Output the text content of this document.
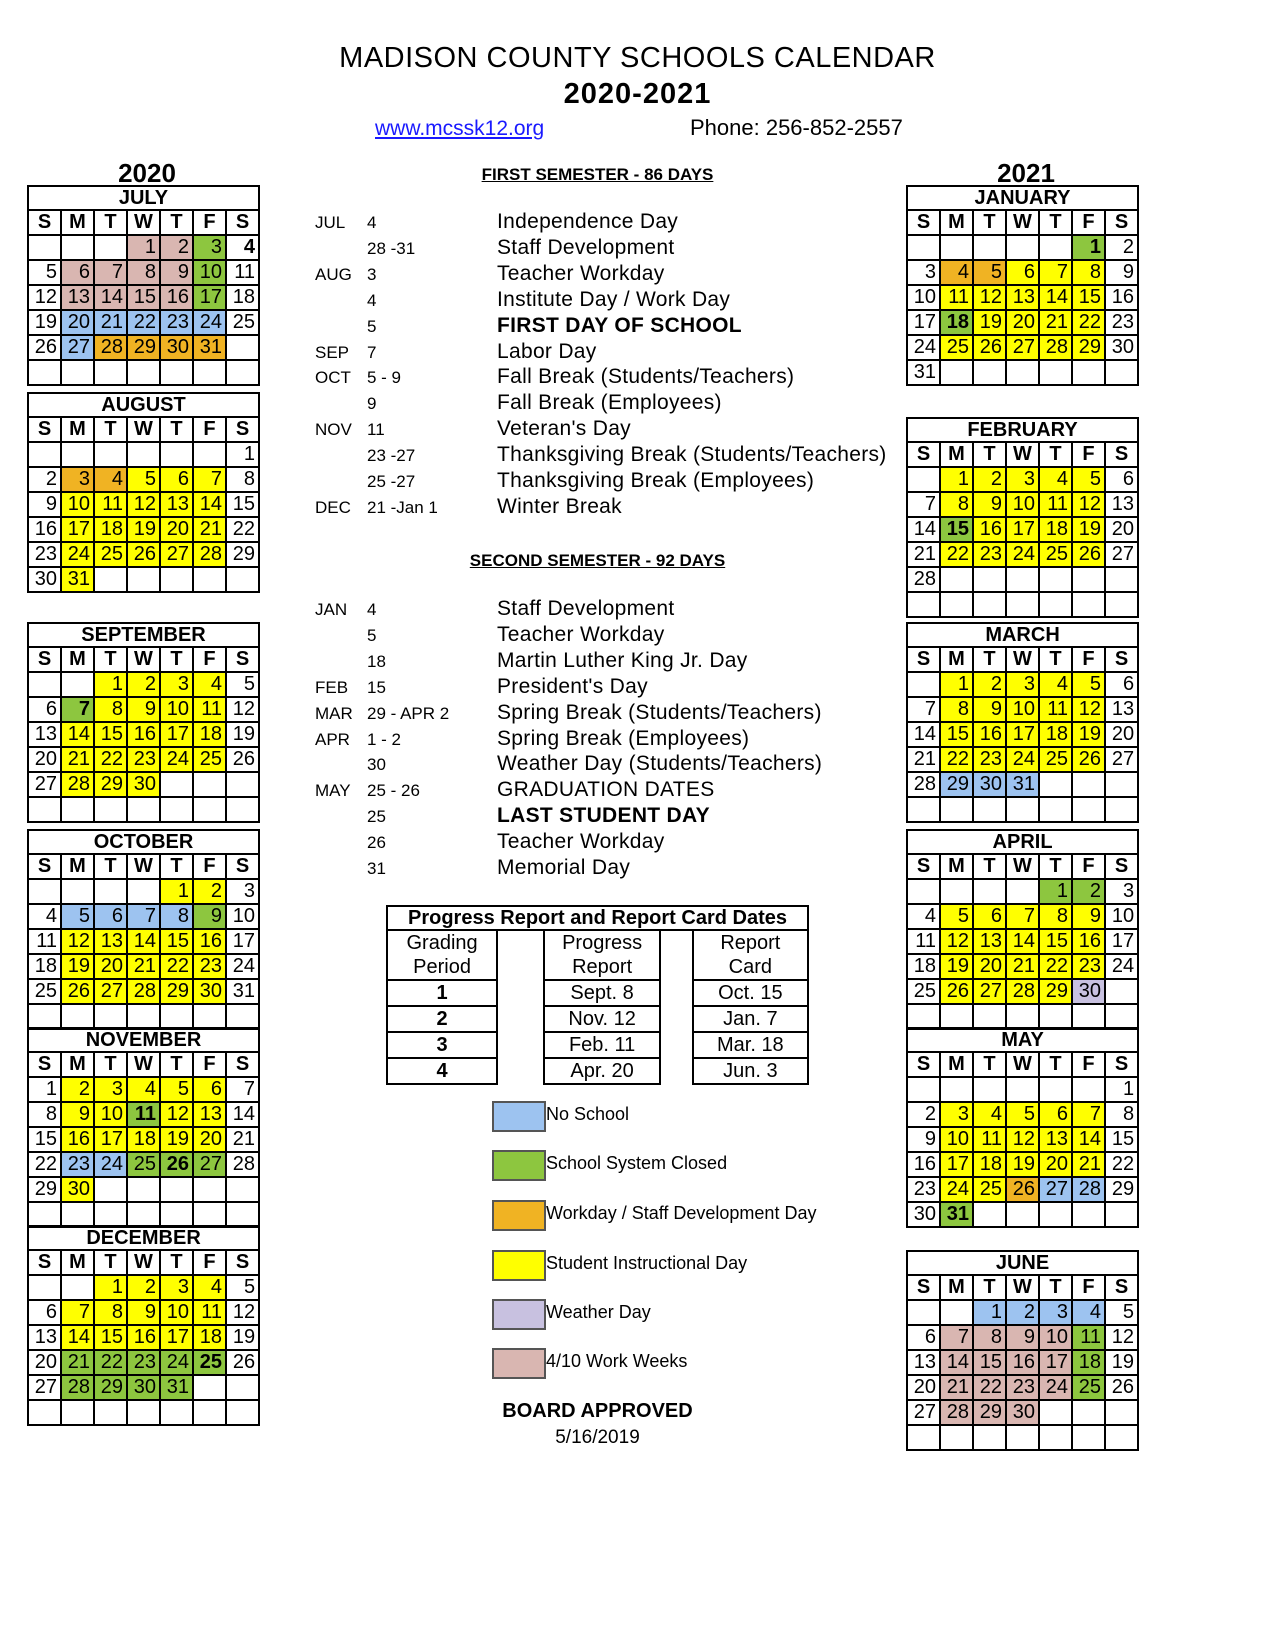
MADISON COUNTY SCHOOLS CALENDAR
2020-2021
www.mcssk12.org	Phone: 256-852-2557
2020	2021
JULY						
S	M	T	W	T	F	S
			1	2	3	4
5	6	7	8	9	10	11
12	13	14	15	16	17	18
19	20	21	22	23	24	25
26	27	28	29	30	31	

AUGUST						
S	M	T	W	T	F	S
						1
2	3	4	5	6	7	8
9	10	11	12	13	14	15
16	17	18	19	20	21	22
23	24	25	26	27	28	29
30	31					
SEPTEMBER						
S	M	T	W	T	F	S
		1	2	3	4	5
6	7	8	9	10	11	12
13	14	15	16	17	18	19
20	21	22	23	24	25	26
27	28	29	30			

OCTOBER						
S	M	T	W	T	F	S
				1	2	3
4	5	6	7	8	9	10
11	12	13	14	15	16	17
18	19	20	21	22	23	24
25	26	27	28	29	30	31

NOVEMBER						
S	M	T	W	T	F	S
1	2	3	4	5	6	7
8	9	10	11	12	13	14
15	16	17	18	19	20	21
22	23	24	25	26	27	28
29	30					

DECEMBER						
S	M	T	W	T	F	S
		1	2	3	4	5
6	7	8	9	10	11	12
13	14	15	16	17	18	19
20	21	22	23	24	25	26
27	28	29	30	31		

JANUARY						
S	M	T	W	T	F	S
					1	2
3	4	5	6	7	8	9
10	11	12	13	14	15	16
17	18	19	20	21	22	23
24	25	26	27	28	29	30
31						
FEBRUARY						
S	M	T	W	T	F	S
	1	2	3	4	5	6
7	8	9	10	11	12	13
14	15	16	17	18	19	20
21	22	23	24	25	26	27
28						

MARCH						
S	M	T	W	T	F	S
	1	2	3	4	5	6
7	8	9	10	11	12	13
14	15	16	17	18	19	20
21	22	23	24	25	26	27
28	29	30	31			

APRIL						
S	M	T	W	T	F	S
				1	2	3
4	5	6	7	8	9	10
11	12	13	14	15	16	17
18	19	20	21	22	23	24
25	26	27	28	29	30	

MAY						
S	M	T	W	T	F	S
						1
2	3	4	5	6	7	8
9	10	11	12	13	14	15
16	17	18	19	20	21	22
23	24	25	26	27	28	29
30	31					
JUNE						
S	M	T	W	T	F	S
		1	2	3	4	5
6	7	8	9	10	11	12
13	14	15	16	17	18	19
20	21	22	23	24	25	26
27	28	29	30			

FIRST SEMESTER - 86 DAYS
JUL 4	Independence Day
28 -31	Staff Development
AUG 3	Teacher Workday
4	Institute Day / Work Day
5	FIRST DAY OF SCHOOL
SEP 7	Labor Day
OCT 5 - 9	Fall Break (Students/Teachers)
9	Fall Break (Employees)
NOV 11	Veteran's Day
23 -27	Thanksgiving Break (Students/Teachers)
25 -27	Thanksgiving Break (Employees)
DEC 21 -Jan 1	Winter Break
SECOND SEMESTER - 92 DAYS
JAN 4	Staff Development
5	Teacher Workday
18	Martin Luther King Jr. Day
FEB 15	President's Day
MAR 29 - APR 2 Spring Break (Students/Teachers)
APR 1 - 2	Spring Break (Employees)
30	Weather Day (Students/Teachers)
MAY 25 - 26	GRADUATION DATES
25	LAST STUDENT DAY
26	Teacher Workday
31	Memorial Day
Progress Report and Report Card Dates				
Grading		Progress		Report
Period		Report		Card
1		Sept. 8		Oct. 15
2		Nov. 12		Jan. 7
3		Feb. 11		Mar. 18
4		Apr. 20		Jun. 3
No School
School System Closed
Workday / Staff Development Day
Student Instructional Day
Weather Day
4/10 Work Weeks
BOARD APPROVED
5/16/2019
